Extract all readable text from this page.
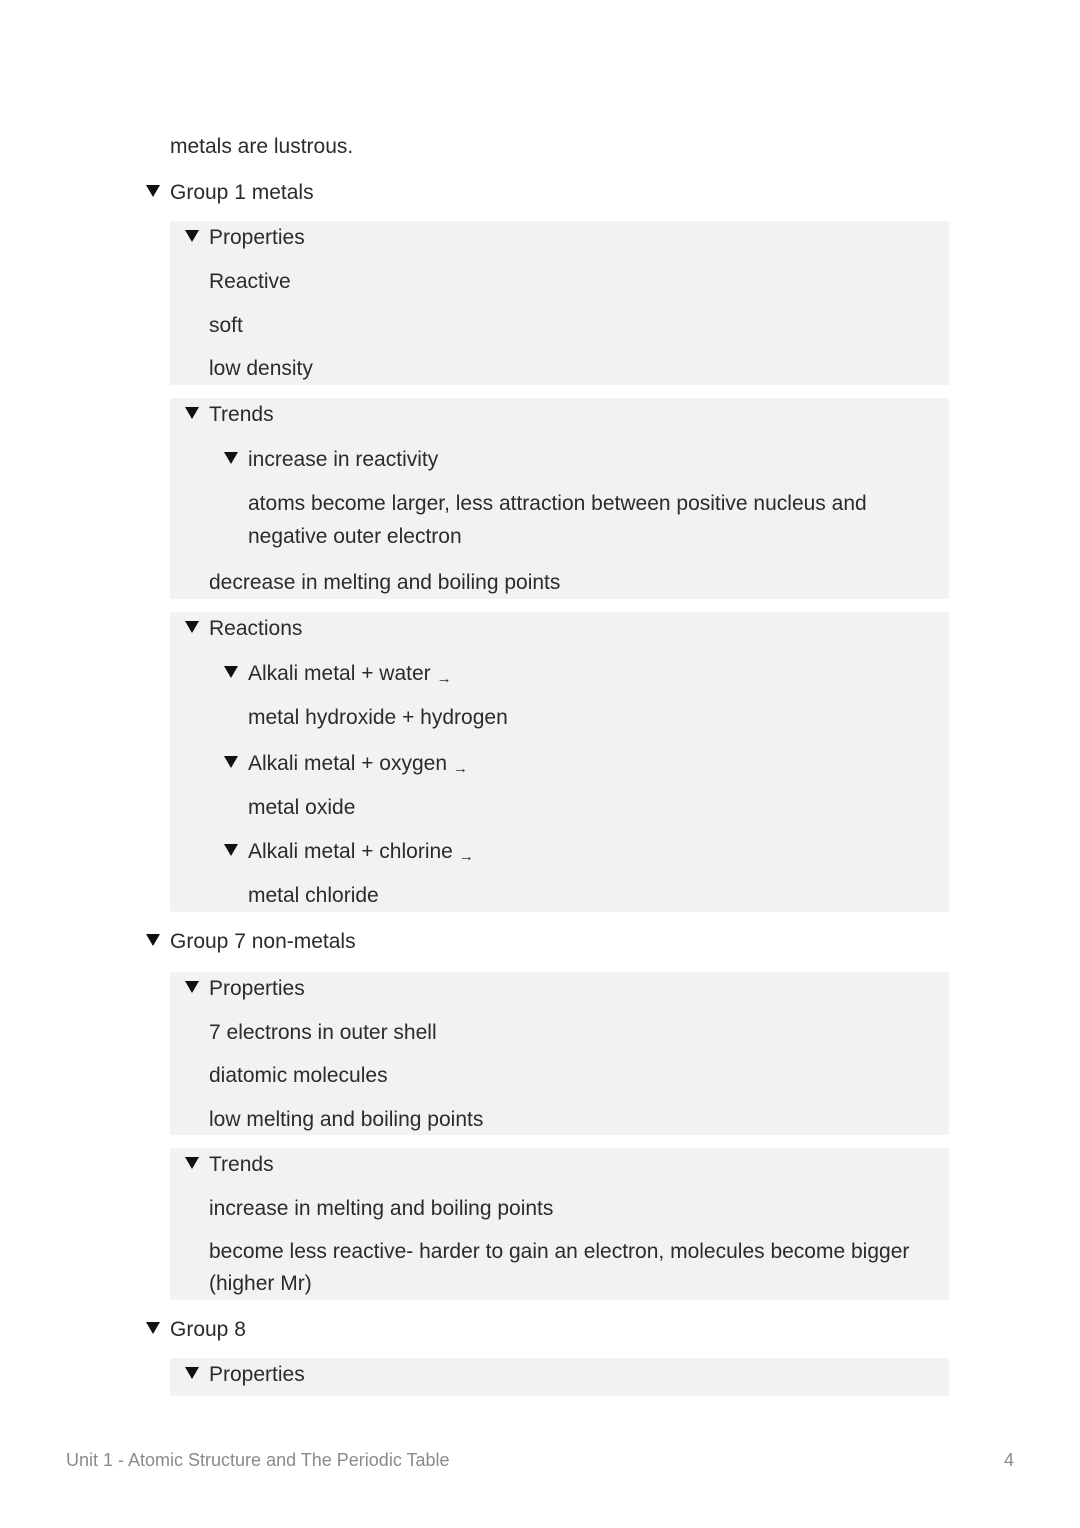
metals are lustrous.
Group 1 metals
Properties
Reactive
soft
low density
Trends
increase in reactivity
atoms become larger, less attraction between positive nucleus and
negative outer electron
decrease in melting and boiling points
Reactions
Alkali metal + water →
metal hydroxide + hydrogen
Alkali metal + oxygen →
metal oxide
Alkali metal + chlorine →
metal chloride
Group 7 non-metals
Properties
7 electrons in outer shell
diatomic molecules
low melting and boiling points
Trends
increase in melting and boiling points
become less reactive- harder to gain an electron, molecules become bigger
(higher Mr)
Group 8
Properties
Unit 1 - Atomic Structure and The Periodic Table	4
